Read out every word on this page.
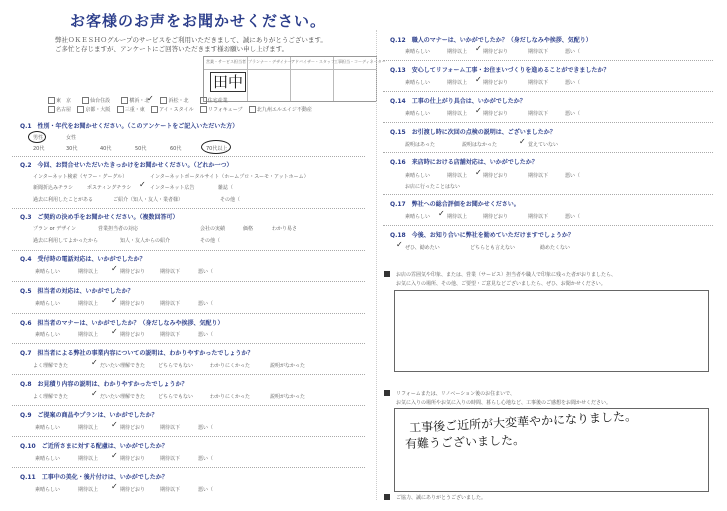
お客様のお声をお聞かせください。
弊社ＯＫＥＳＨＯグループのサービスをご利用いただきまして、誠にありがとうございます。
ご多忙と存じますが、アンケートにご回答いただきます様お願い申し上げます。
営業・サービス担当者 プランナー・デザイナー アドバイザー・スタッフ 工事担当・コーディネーター
田中
東　京	仙台住設	横浜・北	浜松・北	住宅産業
名古屋	京都・大阪	三重・東	アイ・スタイル	リフォキューブ	北九州エルエイジ不動産
✓
Q.1　性別・年代をお聞かせください。（このアンケートをご記入いただいた方）
男性	女性
20代	30代	40代	50代	60代	70代以上
Q.2　今回、お問合せいただいたきっかけをお聞かせください。（どれか一つ）
インターネット検索（ヤフー・グーグル）	インターネットポータルサイト（ホームプロ・スーモ・アットホーム）
新聞折込みチラシ	ポスティングチラシ	インターネット広告	雑誌（
過去に利用したことがある	ご紹介（知人・友人・業者様）	その他（
✓
Q.3　ご契約の決め手をお聞かせください。（複数回答可）
プラン or デザイン	営業担当者の対応	会社の実績	価格	わかり易さ
過去に利用してよかったから	知人・友人からの紹介	その他（
Q.4　受付時の電話対応は、いかがでしたか？
素晴らしい	期待以上	期待どおり	期待以下	悪い（
✓
Q.5　担当者の対応は、いかがでしたか？
素晴らしい	期待以上	期待どおり	期待以下	悪い（
✓
Q.6　担当者のマナーは、いかがでしたか？（身だしなみや挨拶、気配り）
素晴らしい	期待以上	期待どおり	期待以下	悪い（
✓
Q.7　担当者による弊社の事業内容についての説明は、わかりやすかったでしょうか？
よく理解できた	だいたい理解できた	どちらでもない	わかりにくかった	説明がなかった
✓
Q.8　お見積り内容の説明は、わかりやすかったでしょうか？
よく理解できた	だいたい理解できた	どちらでもない	わかりにくかった	説明がなかった
✓
Q.9　ご提案の商品やプランは、いかがでしたか？
素晴らしい	期待以上	期待どおり	期待以下	悪い（
✓
Q.10　ご近所さまに対する配慮は、いかがでしたか？
素晴らしい	期待以上	期待どおり	期待以下	悪い（
✓
Q.11　工事中の美化・後片付けは、いかがでしたか？
素晴らしい	期待以上	期待どおり	期待以下	悪い（
✓
Q.12　職人のマナーは、いかがでしたか？（身だしなみや挨拶、気配り）
素晴らしい	期待以上	期待どおり	期待以下	悪い（
✓
Q.13　安心してリフォーム工事・お住まいづくりを進めることができましたか？
素晴らしい	期待以上	期待どおり	期待以下	悪い（
✓
Q.14　工事の仕上がり具合は、いかがでしたか？
素晴らしい	期待以上	期待どおり	期待以下	悪い（
✓
Q.15　お引渡し時に次回の点検の説明は、ございましたか？
説明はあった	説明はなかった	覚えていない
✓
Q.16　来店時における店舗対応は、いかがでしたか？
素晴らしい	期待以上	期待どおり	期待以下	悪い（
お店に行ったことはない
✓
Q.17　弊社への総合評価をお聞かせください。
素晴らしい	期待以上	期待どおり	期待以下	悪い（
✓
Q.18　今後、お知り合いに弊社を勧めていただけますでしょうか？
ぜひ、勧めたい	どちらとも言えない	勧めたくない
✓
お店の雰囲気や印象、または、営業（サービス）担当者や職人で印象に残った者がおりましたら、
お気に入りの場所、その他、ご要望・ご意見などございましたら、ぜひ、お聞かせください。
リフォームまたは、リノベーション後のお住まいで、
お気に入りの場所やお気に入りの時間、暮らし心地など、工事後のご感想をお聞かせください。
工事後ご近所が大変華やかになりました。
有難うございました。
ご協力、誠にありがとうございました。
